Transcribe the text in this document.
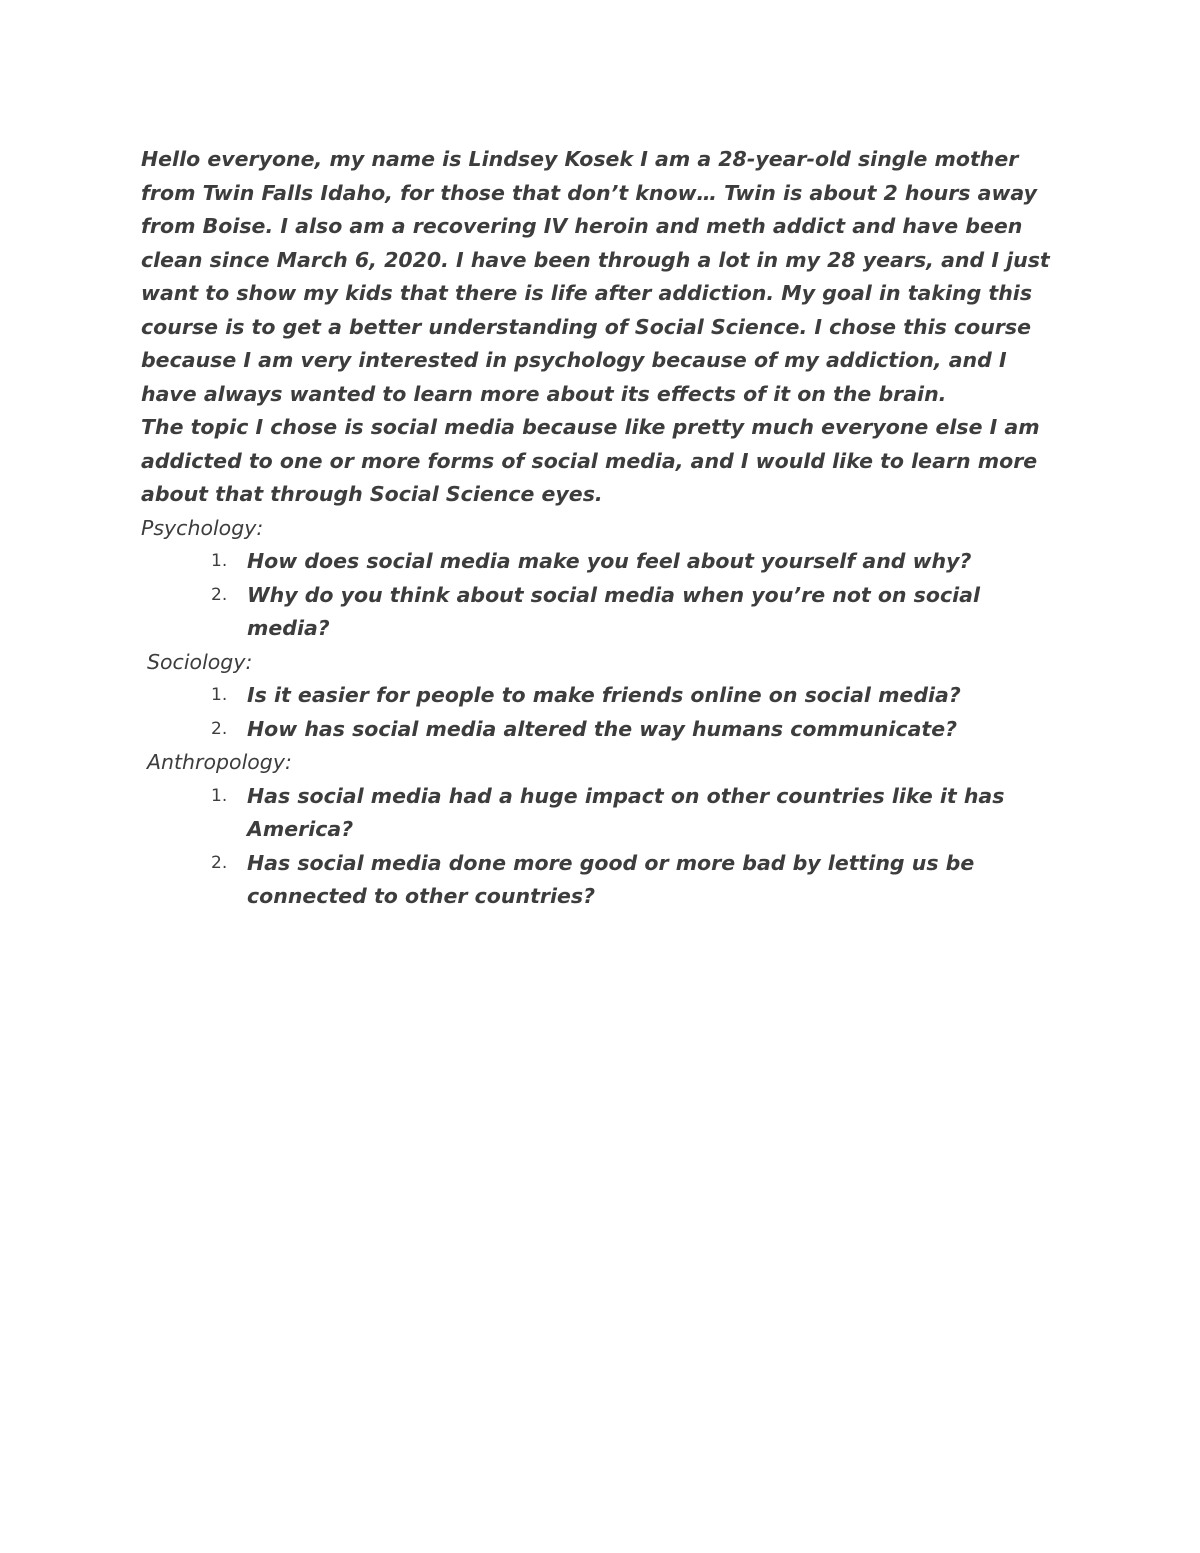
Hello everyone, my name is Lindsey Kosek I am a 28-year-old single mother
from Twin Falls Idaho, for those that don’t know… Twin is about 2 hours away
from Boise. I also am a recovering IV heroin and meth addict and have been
clean since March 6, 2020. I have been through a lot in my 28 years, and I just
want to show my kids that there is life after addiction. My goal in taking this
course is to get a better understanding of Social Science. I chose this course
because I am very interested in psychology because of my addiction, and I
have always wanted to learn more about its effects of it on the brain.
The topic I chose is social media because like pretty much everyone else I am
addicted to one or more forms of social media, and I would like to learn more
about that through Social Science eyes.
Psychology:
1. How does social media make you feel about yourself and why?
2. Why do you think about social media when you’re not on social
media?
Sociology:
1. Is it easier for people to make friends online on social media?
2. How has social media altered the way humans communicate?
Anthropology:
1. Has social media had a huge impact on other countries like it has
America?
2. Has social media done more good or more bad by letting us be
connected to other countries?
